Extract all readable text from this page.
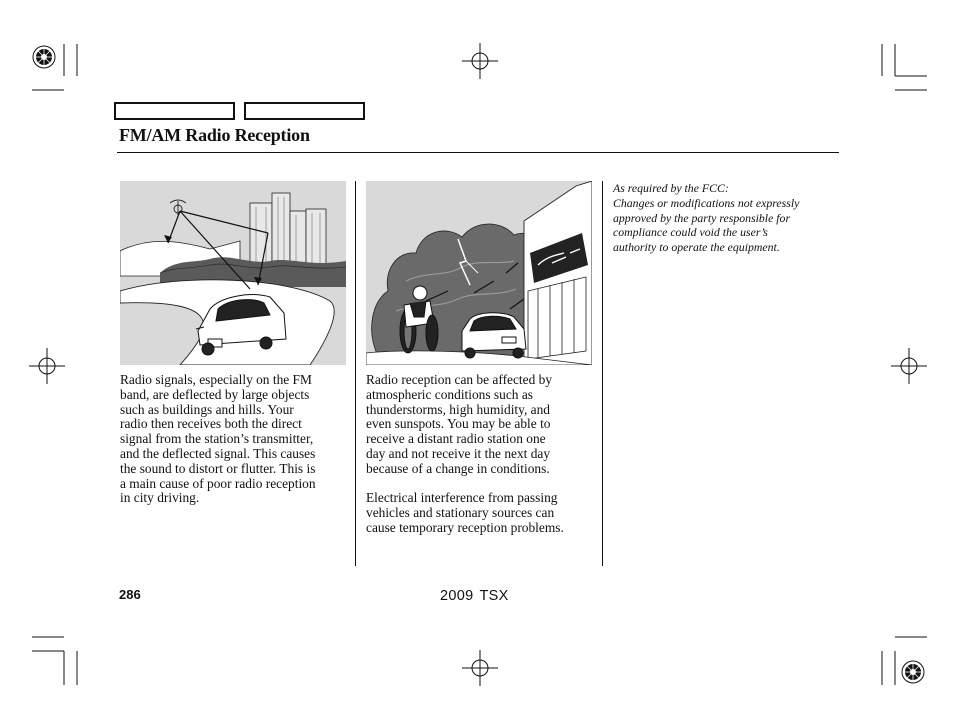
FM/AM Radio Reception
Radio signals, especially on the FM
band, are deflected by large objects
such as buildings and hills. Your
radio then receives both the direct
signal from the station’s transmitter,
and the deflected signal. This causes
the sound to distort or flutter. This is
a main cause of poor radio reception
in city driving.
Radio reception can be affected by
atmospheric conditions such as
thunderstorms, high humidity, and
even sunspots. You may be able to
receive a distant radio station one
day and not receive it the next day
because of a change in conditions.
Electrical interference from passing
vehicles and stationary sources can
cause temporary reception problems.
As required by the FCC:
Changes or modifications not expressly
approved by the party responsible for
compliance could void the user’s
authority to operate the equipment.
286	2009 TSX
